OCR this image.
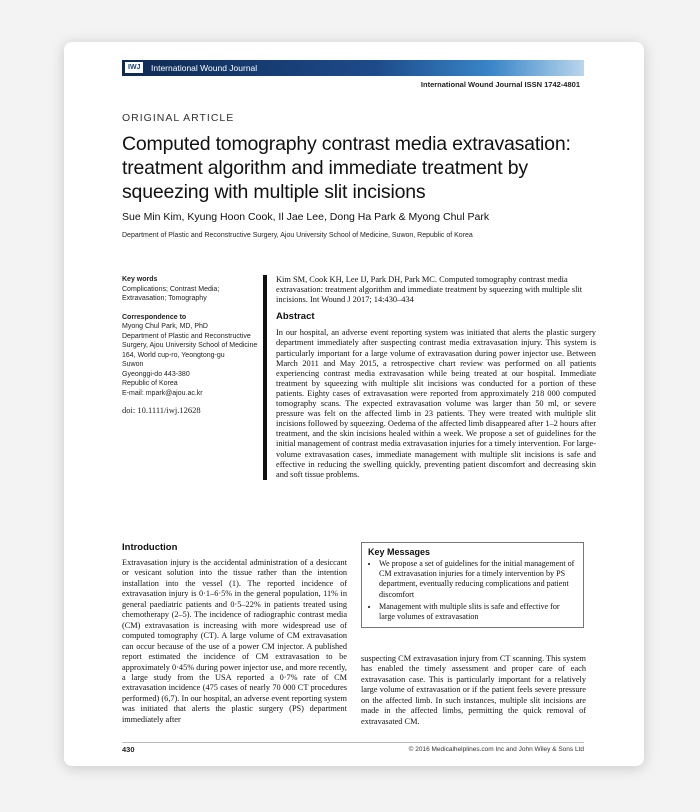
IWJ	International Wound Journal
International Wound Journal ISSN 1742-4801
ORIGINAL ARTICLE
Computed tomography contrast media extravasation: treatment algorithm and immediate treatment by squeezing with multiple slit incisions
Sue Min Kim, Kyung Hoon Cook, Il Jae Lee, Dong Ha Park & Myong Chul Park
Department of Plastic and Reconstructive Surgery, Ajou University School of Medicine, Suwon, Republic of Korea
Key words
Complications; Contrast Media; Extravasation; Tomography
Correspondence to
Myong Chul Park, MD, PhD
Department of Plastic and Reconstructive
Surgery, Ajou University School of Medicine
164, World cup-ro, Yeongtong-gu
Suwon
Gyeonggi-do 443-380
Republic of Korea
E-mail: mpark@ajou.ac.kr
doi: 10.1111/iwj.12628

Kim SM, Cook KH, Lee IJ, Park DH, Park MC. Computed tomography contrast media extravasation: treatment algorithm and immediate treatment by squeezing with multiple slit incisions. Int Wound J 2017; 14:430–434

Abstract

In our hospital, an adverse event reporting system was initiated that alerts the plastic surgery department immediately after suspecting contrast media extravasation injury. This system is particularly important for a large volume of extravasation during power injector use. Between March 2011 and May 2015, a retrospective chart review was performed on all patients experiencing contrast media extravasation while being treated at our hospital. Immediate treatment by squeezing with multiple slit incisions was conducted for a portion of these patients. Eighty cases of extravasation were reported from approximately 218 000 computed tomography scans. The expected extravasation volume was larger than 50 ml, or severe pressure was felt on the affected limb in 23 patients. They were treated with multiple slit incisions followed by squeezing. Oedema of the affected limb disappeared after 1–2 hours after treatment, and the skin incisions healed within a week. We propose a set of guidelines for the initial management of contrast media extravasation injuries for a timely intervention. For large-volume extravasation cases, immediate management with multiple slit incisions is safe and effective in reducing the swelling quickly, preventing patient discomfort and decreasing skin and soft tissue problems.

Introduction

Extravasation injury is the accidental administration of a desiccant or vesicant solution into the tissue rather than the intention installation into the vessel (1). The reported incidence of extravasation injury is 0·1–6·5% in the general population, 11% in general paediatric patients and 0·5–22% in patients treated using chemotherapy (2–5). The incidence of radiographic contrast media (CM) extravasation is increasing with more widespread use of computed tomography (CT). A large volume of CM extravasation can occur because of the use of a power CM injector. A published report estimated the incidence of CM extravasation to be approximately 0·45% during power injector use, and more recently, a large study from the USA reported a 0·7% rate of CM extravasation incidence (475 cases of nearly 70 000 CT procedures performed) (6,7). In our hospital, an adverse event reporting system was initiated that alerts the plastic surgery (PS) department immediately after

Key Messages

• We propose a set of guidelines for the initial management of CM extravasation injuries for a timely intervention by PS department, eventually reducing complications and patient discomfort
• Management with multiple slits is safe and effective for large volumes of extravasation

suspecting CM extravasation injury from CT scanning. This system has enabled the timely assessment and proper care of each extravasation case. This is particularly important for a relatively large volume of extravasation or if the patient feels severe pressure on the affected limb. In such instances, multiple slit incisions are made in the affected limbs, permitting the quick removal of extravasated CM.

430	© 2016 Medicalhelplines.com Inc and John Wiley & Sons Ltd
